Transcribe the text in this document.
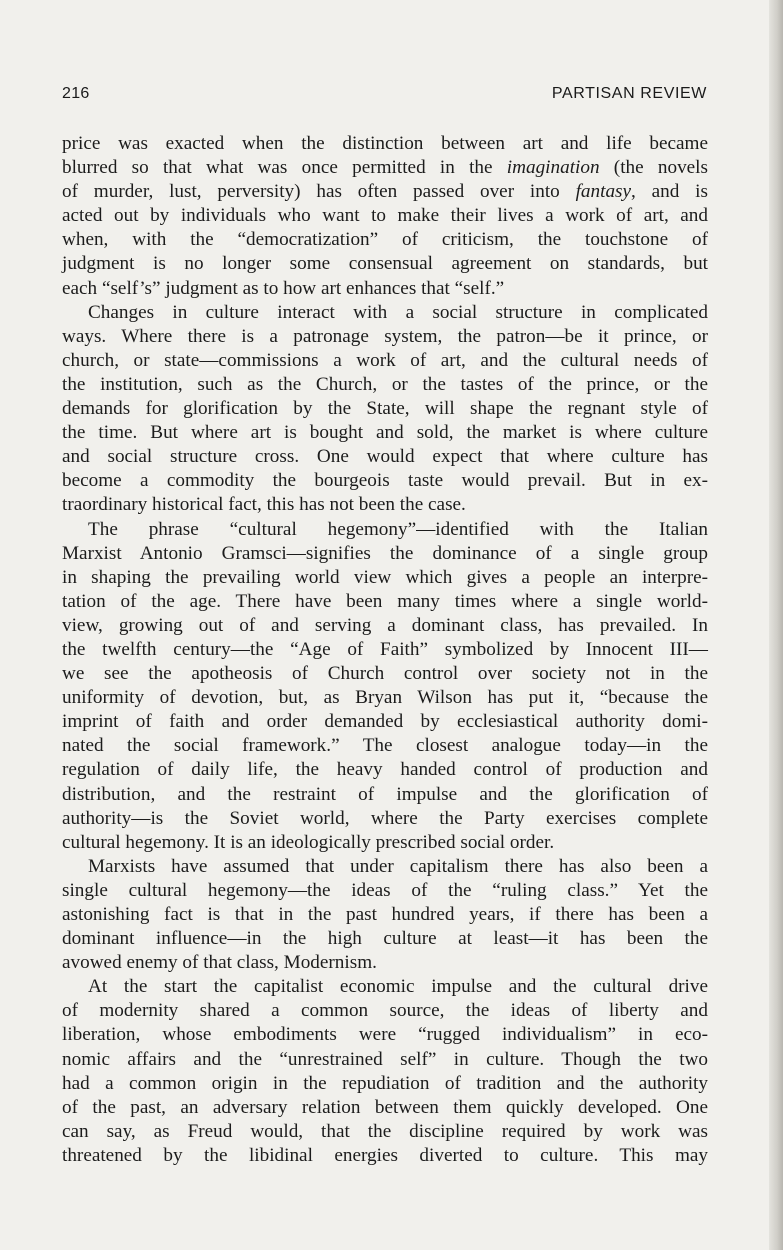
216	PARTISAN REVIEW
price was exacted when the distinction between art and life became
blurred so that what was once permitted in the imagination (the novels
of murder, lust, perversity) has often passed over into fantasy, and is
acted out by individuals who want to make their lives a work of art, and
when, with the “democratization” of criticism, the touchstone of
judgment is no longer some consensual agreement on standards, but
each “self’s” judgment as to how art enhances that “self.”
Changes in culture interact with a social structure in complicated
ways. Where there is a patronage system, the patron—be it prince, or
church, or state—commissions a work of art, and the cultural needs of
the institution, such as the Church, or the tastes of the prince, or the
demands for glorification by the State, will shape the regnant style of
the time. But where art is bought and sold, the market is where culture
and social structure cross. One would expect that where culture has
become a commodity the bourgeois taste would prevail. But in ex-
traordinary historical fact, this has not been the case.
The phrase “cultural hegemony”—identified with the Italian
Marxist Antonio Gramsci—signifies the dominance of a single group
in shaping the prevailing world view which gives a people an interpre-
tation of the age. There have been many times where a single world-
view, growing out of and serving a dominant class, has prevailed. In
the twelfth century—the “Age of Faith” symbolized by Innocent III—
we see the apotheosis of Church control over society not in the
uniformity of devotion, but, as Bryan Wilson has put it, “because the
imprint of faith and order demanded by ecclesiastical authority domi-
nated the social framework.” The closest analogue today—in the
regulation of daily life, the heavy handed control of production and
distribution, and the restraint of impulse and the glorification of
authority—is the Soviet world, where the Party exercises complete
cultural hegemony. It is an ideologically prescribed social order.
Marxists have assumed that under capitalism there has also been a
single cultural hegemony—the ideas of the “ruling class.” Yet the
astonishing fact is that in the past hundred years, if there has been a
dominant influence—in the high culture at least—it has been the
avowed enemy of that class, Modernism.
At the start the capitalist economic impulse and the cultural drive
of modernity shared a common source, the ideas of liberty and
liberation, whose embodiments were “rugged individualism” in eco-
nomic affairs and the “unrestrained self” in culture. Though the two
had a common origin in the repudiation of tradition and the authority
of the past, an adversary relation between them quickly developed. One
can say, as Freud would, that the discipline required by work was
threatened by the libidinal energies diverted to culture. This may
